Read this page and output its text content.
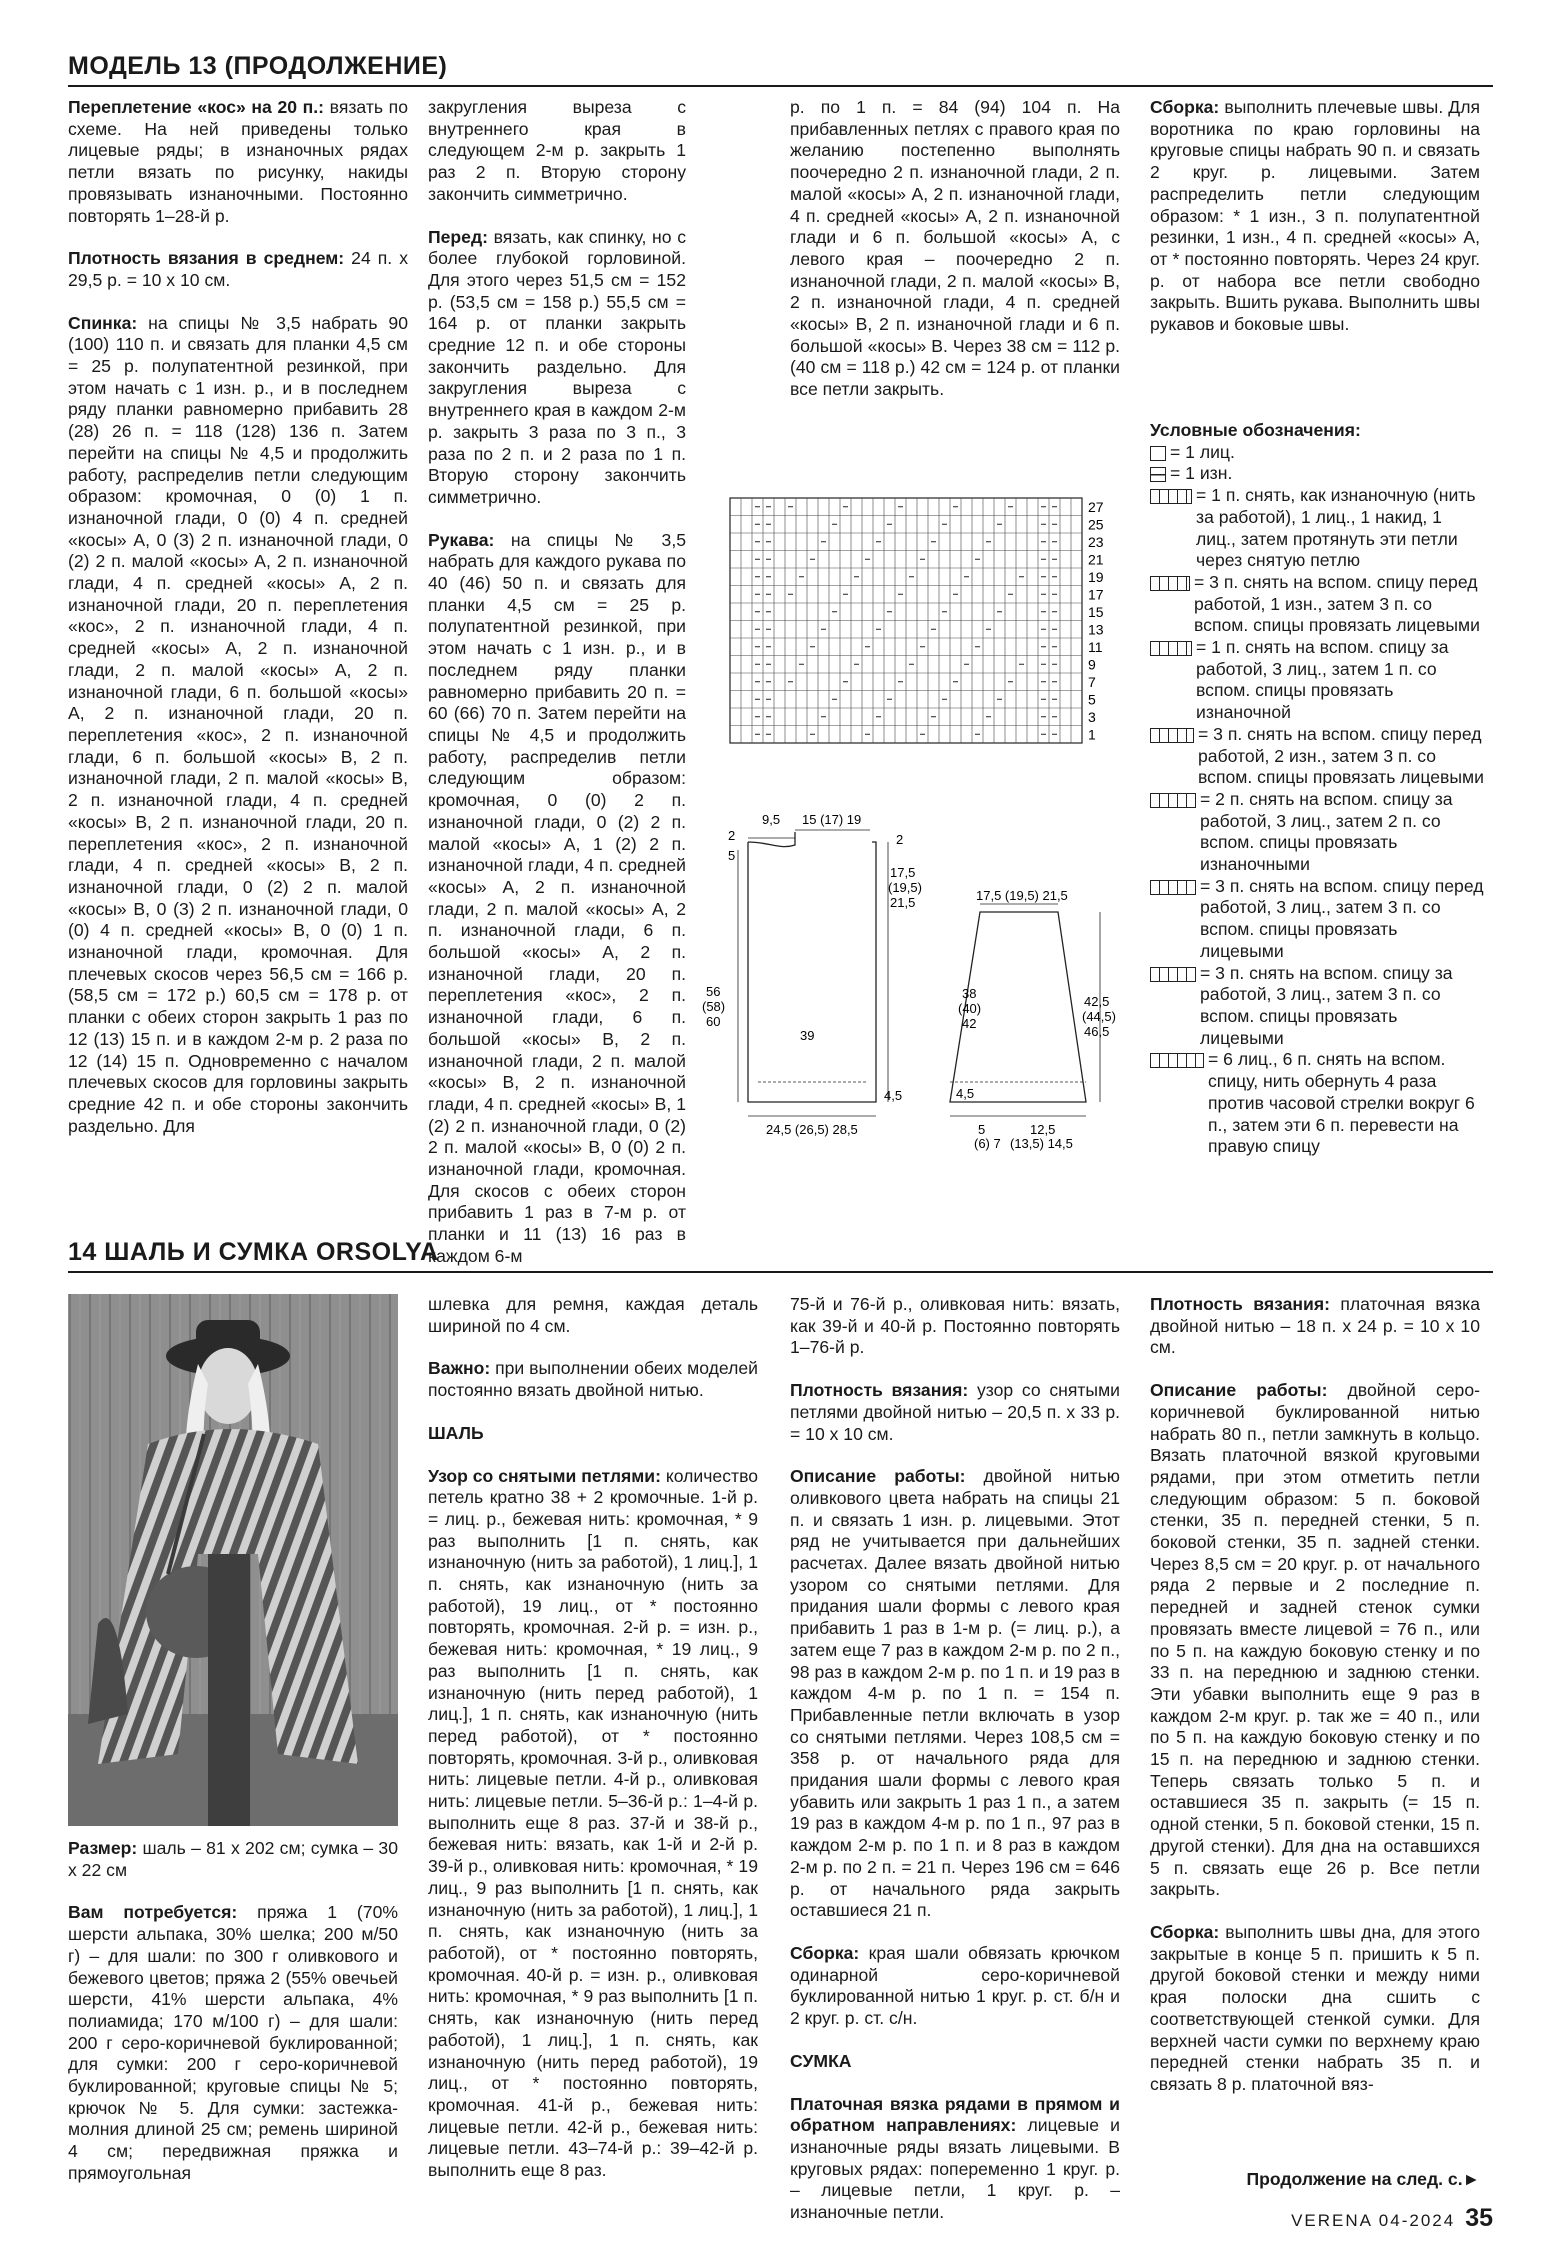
МОДЕЛЬ 13 (ПРОДОЛЖЕНИЕ)

Переплетение «кос» на 20 п.: вязать по схеме. На ней приведены только лицевые ряды; в изнаночных рядах петли вязать по рисунку, накиды провязывать изнаночными. Постоянно повторять 1–28-й р.

Плотность вязания в среднем: 24 п. х 29,5 р. = 10 х 10 см.

Спинка: на спицы № 3,5 набрать 90 (100) 110 п. и связать для планки 4,5 см = 25 р. полупатентной резинкой, при этом начать с 1 изн. р., и в последнем ряду планки равномерно прибавить 28 (28) 26 п. = 118 (128) 136 п. Затем перейти на спицы № 4,5 и продолжить работу, распределив петли следующим образом: кромочная, 0 (0) 1 п. изнаночной глади, 0 (0) 4 п. средней «косы» А, 0 (3) 2 п. изнаночной глади, 0 (2) 2 п. малой «косы» А, 2 п. изнаночной глади, 4 п. средней «косы» А, 2 п. изнаночной глади, 20 п. переплетения «кос», 2 п. изнаночной глади, 4 п. средней «косы» А, 2 п. изнаночной глади, 2 п. малой «косы» А, 2 п. изнаночной глади, 6 п. большой «косы» А, 2 п. изнаночной глади, 20 п. переплетения «кос», 2 п. изнаночной глади, 6 п. большой «косы» В, 2 п. изнаночной глади, 2 п. малой «косы» В, 2 п. изнаночной глади, 4 п. средней «косы» В, 2 п. изнаночной глади, 20 п. переплетения «кос», 2 п. изнаночной глади, 4 п. средней «косы» В, 2 п. изнаночной глади, 0 (2) 2 п. малой «косы» В, 0 (3) 2 п. изнаночной глади, 0 (0) 4 п. средней «косы» В, 0 (0) 1 п. изнаночной глади, кромочная. Для плечевых скосов через 56,5 см = 166 р. (58,5 см = 172 р.) 60,5 см = 178 р. от планки с обеих сторон закрыть 1 раз по 12 (13) 15 п. и в каждом 2-м р. 2 раза по 12 (14) 15 п. Одновременно с началом плечевых скосов для горловины закрыть средние 42 п. и обе стороны закончить раздельно. Для

закругления выреза с внутреннего края в следующем 2-м р. закрыть 1 раз 2 п. Вторую сторону закончить симметрично.

Перед: вязать, как спинку, но с более глубокой горловиной. Для этого через 51,5 см = 152 р. (53,5 см = 158 р.) 55,5 см = 164 р. от планки закрыть средние 12 п. и обе стороны закончить раздельно. Для закругления выреза с внутреннего края в каждом 2-м р. закрыть 3 раза по 3 п., 3 раза по 2 п. и 2 раза по 1 п. Вторую сторону закончить симметрично.

Рукава: на спицы № 3,5 набрать для каждого рукава по 40 (46) 50 п. и связать для планки 4,5 см = 25 р. полупатентной резинкой, при этом начать с 1 изн. р., и в последнем ряду планки равномерно прибавить 20 п. = 60 (66) 70 п. Затем перейти на спицы № 4,5 и продолжить работу, распределив петли следующим образом: кромочная, 0 (0) 2 п. изнаночной глади, 0 (2) 2 п. малой «косы» А, 1 (2) 2 п. изнаночной глади, 4 п. средней «косы» А, 2 п. изнаночной глади, 2 п. малой «косы» А, 2 п. изнаночной глади, 6 п. большой «косы» А, 2 п. изнаночной глади, 20 п. переплетения «кос», 2 п. изнаночной глади, 6 п. большой «косы» В, 2 п. изнаночной глади, 2 п. малой «косы» В, 2 п. изнаночной глади, 4 п. средней «косы» В, 1 (2) 2 п. изнаночной глади, 0 (2) 2 п. малой «косы» В, 0 (0) 2 п. изнаночной глади, кромочная. Для скосов с обеих сторон прибавить 1 раз в 7-м р. от планки и 11 (13) 16 раз в каждом 6-м

р. по 1 п. = 84 (94) 104 п. На прибавленных петлях с правого края по желанию постепенно выполнять поочередно 2 п. изнаночной глади, 2 п. малой «косы» А, 2 п. изнаночной глади, 4 п. средней «косы» А, 2 п. изнаночной глади и 6 п. большой «косы» А, с левого края – поочередно 2 п. изнаночной глади, 2 п. малой «косы» В, 2 п. изнаночной глади, 4 п. средней «косы» В, 2 п. изнаночной глади и 6 п. большой «косы» В. Через 38 см = 112 р. (40 см = 118 р.) 42 см = 124 р. от планки все петли закрыть.

Сборка: выполнить плечевые швы. Для воротника по краю горловины на круговые спицы набрать 90 п. и связать 2 круг. р. лицевыми. Затем распределить петли следующим образом: * 1 изн., 3 п. полупатентной резинки, 1 изн., 4 п. средней «косы» А, от * постоянно повторять. Через 24 круг. р. от набора все петли свободно закрыть. Вшить рукава. Выполнить швы рукавов и боковые швы.

Условные обозначения:
= 1 лиц.
= 1 изн.
= 1 п. снять, как изнаночную (нить за работой), 1 лиц., 1 накид, 1 лиц., затем протянуть эти петли через снятую петлю
= 3 п. снять на вспом. спицу перед работой, 1 изн., затем 3 п. со вспом. спицы провязать лицевыми
= 1 п. снять на вспом. спицу за работой, 3 лиц., затем 1 п. со вспом. спицы провязать изнаночной
= 3 п. снять на вспом. спицу перед работой, 2 изн., затем 3 п. со вспом. спицы провязать лицевыми
= 2 п. снять на вспом. спицу за работой, 3 лиц., затем 2 п. со вспом. спицы провязать изнаночными
= 3 п. снять на вспом. спицу перед работой, 3 лиц., затем 3 п. со вспом. спицы провязать лицевыми
= 3 п. снять на вспом. спицу за работой, 3 лиц., затем 3 п. со вспом. спицы провязать лицевыми
= 6 лиц., 6 п. снять на вспом. спицу, нить обернуть 4 раза против часовой стрелки вокруг 6 п., затем эти 6 п. перевести на правую спицу
27
25
23
21
19
17
15
13
11
9
7
5
3
1
9,5 15 (17) 19
2
5
2
17,5 (19,5) 21,5
56 (58) 60
39
4,5
24,5 (26,5) 28,5
17,5 (19,5) 21,5
38 (40) 42
42,5 (44,5) 46,5
4,5
5
(6) 7
12,5 (13,5) 14,5
14 ШАЛЬ И СУМКА ORSOLYA

Размер: шаль – 81 х 202 см; сумка – 30 х 22 см

Вам потребуется: пряжа 1 (70% шерсти альпака, 30% шелка; 200 м/50 г) – для шали: по 300 г оливкового и бежевого цветов; пряжа 2 (55% овечьей шерсти, 41% шерсти альпака, 4% полиамида; 170 м/100 г) – для шали: 200 г серо-коричневой буклированной; для сумки: 200 г серо-коричневой буклированной; круговые спицы № 5; крючок № 5. Для сумки: застежка-молния длиной 25 см; ремень шириной 4 см; передвижная пряжка и прямоугольная

шлевка для ремня, каждая деталь шириной по 4 см.

Важно: при выполнении обеих моделей постоянно вязать двойной нитью.

ШАЛЬ

Узор со снятыми петлями: количество петель кратно 38 + 2 кромочные. 1-й р. = лиц. р., бежевая нить: кромочная, * 9 раз выполнить [1 п. снять, как изнаночную (нить за работой), 1 лиц.], 1 п. снять, как изнаночную (нить за работой), 19 лиц., от * постоянно повторять, кромочная. 2-й р. = изн. р., бежевая нить: кромочная, * 19 лиц., 9 раз выполнить [1 п. снять, как изнаночную (нить перед работой), 1 лиц.], 1 п. снять, как изнаночную (нить перед работой), от * постоянно повторять, кромочная. 3-й р., оливковая нить: лицевые петли. 4-й р., оливковая нить: лицевые петли. 5–36-й р.: 1–4-й р. выполнить еще 8 раз. 37-й и 38-й р., бежевая нить: вязать, как 1-й и 2-й р. 39-й р., оливковая нить: кромочная, * 19 лиц., 9 раз выполнить [1 п. снять, как изнаночную (нить за работой), 1 лиц.], 1 п. снять, как изнаночную (нить за работой), от * постоянно повторять, кромочная. 40-й р. = изн. р., оливковая нить: кромочная, * 9 раз выполнить [1 п. снять, как изнаночную (нить перед работой), 1 лиц.], 1 п. снять, как изнаночную (нить перед работой), 19 лиц., от * постоянно повторять, кромочная. 41-й р., бежевая нить: лицевые петли. 42-й р., бежевая нить: лицевые петли. 43–74-й р.: 39–42-й р. выполнить еще 8 раз.

75-й и 76-й р., оливковая нить: вязать, как 39-й и 40-й р. Постоянно повторять 1–76-й р.

Плотность вязания: узор со снятыми петлями двойной нитью – 20,5 п. х 33 р. = 10 х 10 см.

Описание работы: двойной нитью оливкового цвета набрать на спицы 21 п. и связать 1 изн. р. лицевыми. Этот ряд не учитывается при дальнейших расчетах. Далее вязать двойной нитью узором со снятыми петлями. Для придания шали формы с левого края прибавить 1 раз в 1-м р. (= лиц. р.), а затем еще 7 раз в каждом 2-м р. по 2 п., 98 раз в каждом 2-м р. по 1 п. и 19 раз в каждом 4-м р. по 1 п. = 154 п. Прибавленные петли включать в узор со снятыми петлями. Через 108,5 см = 358 р. от начального ряда для придания шали формы с левого края убавить или закрыть 1 раз 1 п., а затем 19 раз в каждом 4-м р. по 1 п., 97 раз в каждом 2-м р. по 1 п. и 8 раз в каждом 2-м р. по 2 п. = 21 п. Через 196 см = 646 р. от начального ряда закрыть оставшиеся 21 п.

Сборка: края шали обвязать крючком одинарной серо-коричневой буклированной нитью 1 круг. р. ст. б/н и 2 круг. р. ст. с/н.

СУМКА

Платочная вязка рядами в прямом и обратном направлениях: лицевые и изнаночные ряды вязать лицевыми. В круговых рядах: попеременно 1 круг. р. – лицевые петли, 1 круг. р. – изнаночные петли.

Плотность вязания: платочная вязка двойной нитью – 18 п. х 24 р. = 10 х 10 см.

Описание работы: двойной серо-коричневой буклированной нитью набрать 80 п., петли замкнуть в кольцо. Вязать платочной вязкой круговыми рядами, при этом отметить петли следующим образом: 5 п. боковой стенки, 35 п. передней стенки, 5 п. боковой стенки, 35 п. задней стенки. Через 8,5 см = 20 круг. р. от начального ряда 2 первые и 2 последние п. передней и задней стенок сумки провязать вместе лицевой = 76 п., или по 5 п. на каждую боковую стенку и по 33 п. на переднюю и заднюю стенки. Эти убавки выполнить еще 9 раз в каждом 2-м круг. р. так же = 40 п., или по 5 п. на каждую боковую стенку и по 15 п. на переднюю и заднюю стенки. Теперь связать только 5 п. и оставшиеся 35 п. закрыть (= 15 п. одной стенки, 5 п. боковой стенки, 15 п. другой стенки). Для дна на оставшихся 5 п. связать еще 26 р. Все петли закрыть.

Сборка: выполнить швы дна, для этого закрытые в конце 5 п. пришить к 5 п. другой боковой стенки и между ними края полоски дна сшить с соответствующей стенкой сумки. Для верхней части сумки по верхнему краю передней стенки набрать 35 п. и связать 8 р. платочной вяз-

Продолжение на след. с.►
VERENA 04-2024 35
